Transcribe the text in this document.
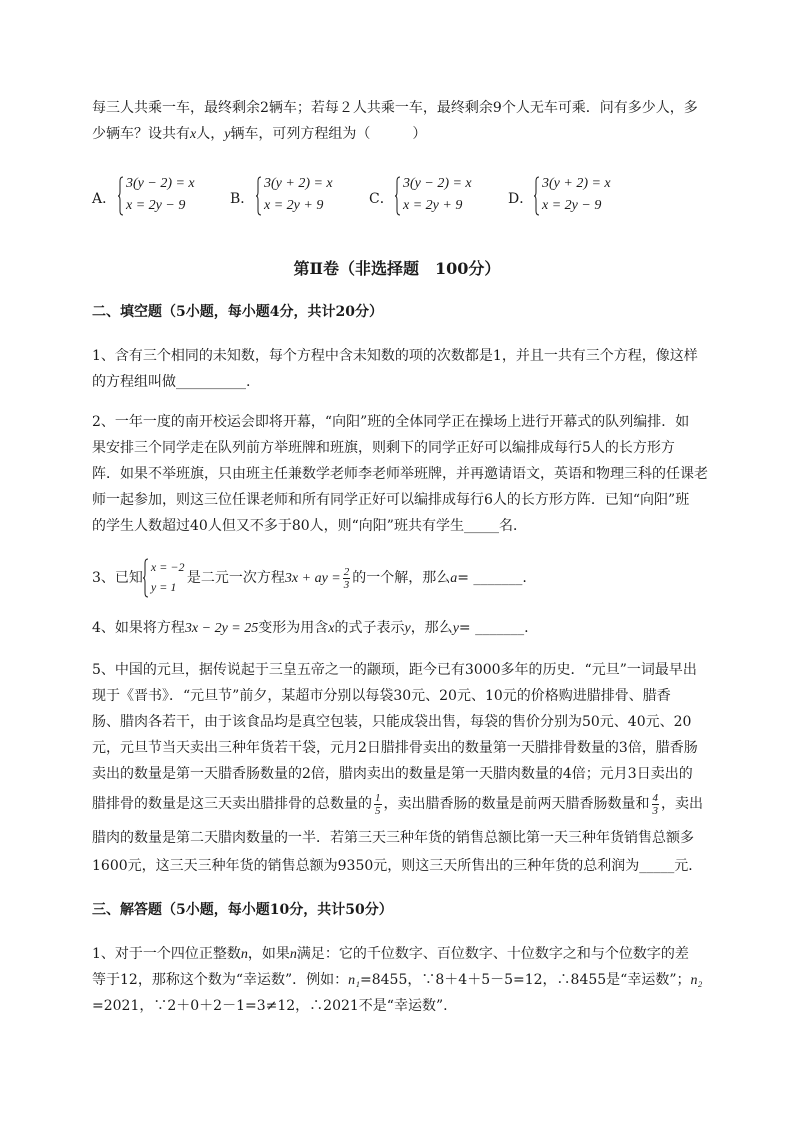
每三人共乘一车，最终剩余2辆车；若每２人共乘一车，最终剩余9个人无车可乘．问有多少人，多
少辆车？设共有x人，y辆车，可列方程组为（　　　）
A．
3(y − 2) = x
x = 2y − 9	B．
3(y + 2) = x
x = 2y + 9	C．
3(y − 2) = x
x = 2y + 9	D．
3(y + 2) = x
x = 2y − 9
第Ⅱ卷（非选择题　100分）
二、填空题（5小题，每小题4分，共计20分）
1、含有三个相同的未知数，每个方程中含未知数的项的次数都是1，并且一共有三个方程，像这样
的方程组叫做__________.
2、一年一度的南开校运会即将开幕，“向阳”班的全体同学正在操场上进行开幕式的队列编排．如
果安排三个同学走在队列前方举班牌和班旗，则剩下的同学正好可以编排成每行5人的长方形方
阵．如果不举班旗，只由班主任兼数学老师李老师举班牌，并再邀请语文，英语和物理三科的任课老
师一起参加，则这三位任课老师和所有同学正好可以编排成每行6人的长方形方阵．已知“向阳”班
的学生人数超过40人但又不多于80人，则“向阳”班共有学生_____名．
3、已知
x = −2
y = 1
是二元一次方程3x + ay = $\frac{2}{3}$ 的一个解，那么a= _______.
4、如果将方程3x − 2y = 25变形为用含x的式子表示y，那么y= _______.
5、中国的元旦，据传说起于三皇五帝之一的颛顼，距今已有3000多年的历史．“元旦”一词最早出
现于《晋书》．“元旦节”前夕，某超市分别以每袋30元、20元、10元的价格购进腊排骨、腊香
肠、腊肉各若干，由于该食品均是真空包装，只能成袋出售，每袋的售价分别为50元、40元、20
元，元旦节当天卖出三种年货若干袋，元月2日腊排骨卖出的数量第一天腊排骨数量的3倍，腊香肠
卖出的数量是第一天腊香肠数量的2倍，腊肉卖出的数量是第一天腊肉数量的4倍；元月3日卖出的
腊排骨的数量是这三天卖出腊排骨的总数量的 $\frac{1}{5}$ ，卖出腊香肠的数量是前两天腊香肠数量和 $\frac{4}{3}$ ，卖出
腊肉的数量是第二天腊肉数量的一半．若第三天三种年货的销售总额比第一天三种年货销售总额多
1600元，这三天三种年货的销售总额为9350元，则这三天所售出的三种年货的总利润为_____元．
三、解答题（5小题，每小题10分，共计50分）
1、对于一个四位正整数n，如果n满足：它的千位数字、百位数字、十位数字之和与个位数字的差
等于12，那称这个数为“幸运数”．例如：n₁=8455，∵8＋4＋5－5=12，∴8455是“幸运数”；n₂
=2021，∵2＋0＋2－1=3≠12，∴2021不是“幸运数”.
